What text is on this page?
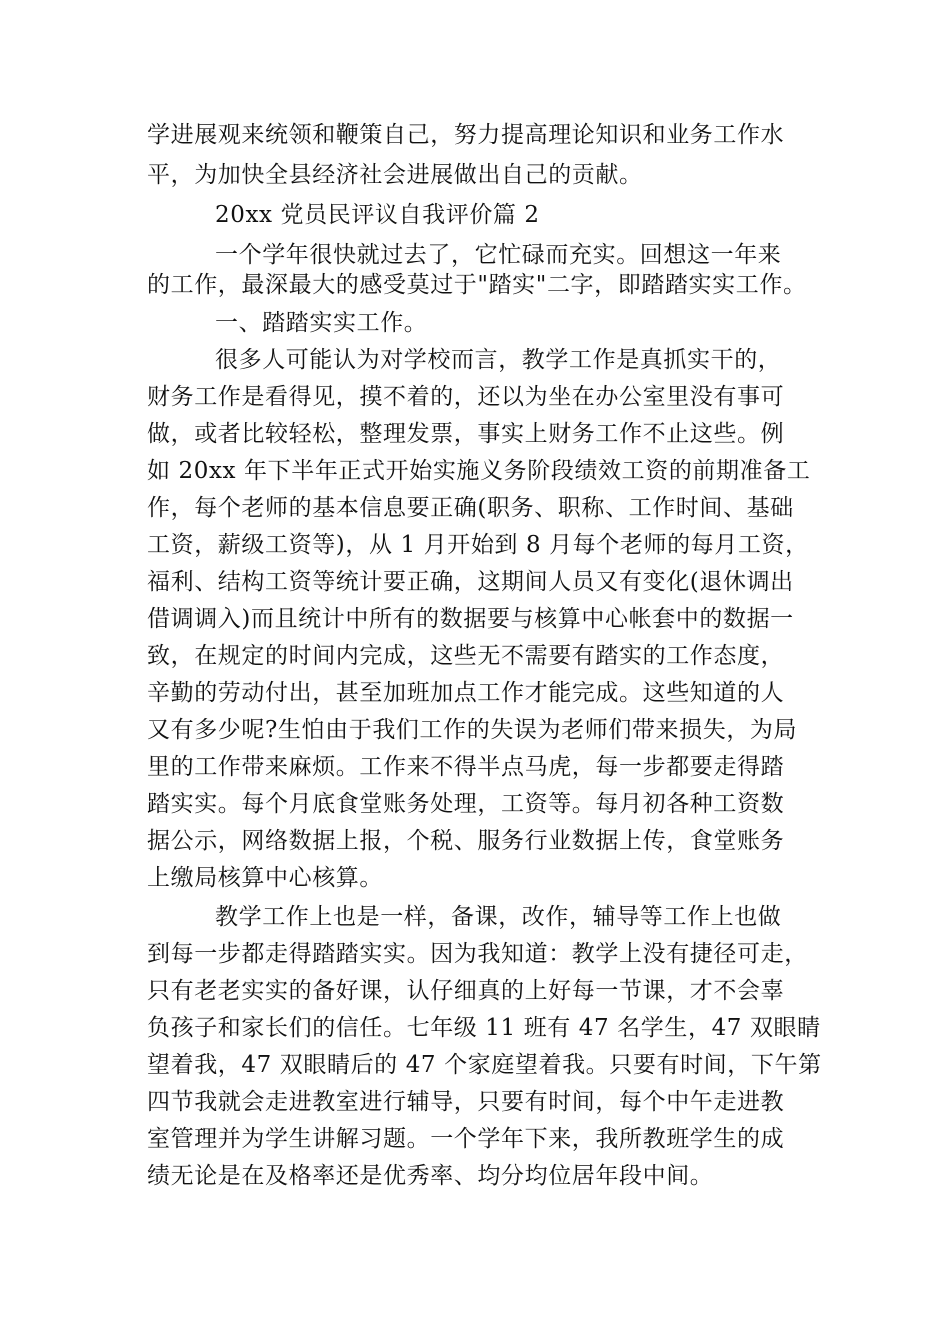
学进展观来统领和鞭策自己，努力提高理论知识和业务工作水
平，为加快全县经济社会进展做出自己的贡献。
20xx 党员民评议自我评价篇 2
一个学年很快就过去了，它忙碌而充实。回想这一年来
的工作，最深最大的感受莫过于"踏实"二字，即踏踏实实工作。
一、踏踏实实工作。
很多人可能认为对学校而言，教学工作是真抓实干的，
财务工作是看得见，摸不着的，还以为坐在办公室里没有事可
做，或者比较轻松，整理发票，事实上财务工作不止这些。例
如 20xx 年下半年正式开始实施义务阶段绩效工资的前期准备工
作，每个老师的基本信息要正确(职务、职称、工作时间、基础
工资，薪级工资等)，从 1 月开始到 8 月每个老师的每月工资，
福利、结构工资等统计要正确，这期间人员又有变化(退休调出
借调调入)而且统计中所有的数据要与核算中心帐套中的数据一
致，在规定的时间内完成，这些无不需要有踏实的工作态度，
辛勤的劳动付出，甚至加班加点工作才能完成。这些知道的人
又有多少呢?生怕由于我们工作的失误为老师们带来损失，为局
里的工作带来麻烦。工作来不得半点马虎，每一步都要走得踏
踏实实。每个月底食堂账务处理，工资等。每月初各种工资数
据公示，网络数据上报，个税、服务行业数据上传，食堂账务
上缴局核算中心核算。
教学工作上也是一样，备课，改作，辅导等工作上也做
到每一步都走得踏踏实实。因为我知道：教学上没有捷径可走，
只有老老实实的备好课，认仔细真的上好每一节课，才不会辜
负孩子和家长们的信任。七年级 11 班有 47 名学生，47 双眼睛
望着我，47 双眼睛后的 47 个家庭望着我。只要有时间，下午第
四节我就会走进教室进行辅导，只要有时间，每个中午走进教
室管理并为学生讲解习题。一个学年下来，我所教班学生的成
绩无论是在及格率还是优秀率、均分均位居年段中间。
